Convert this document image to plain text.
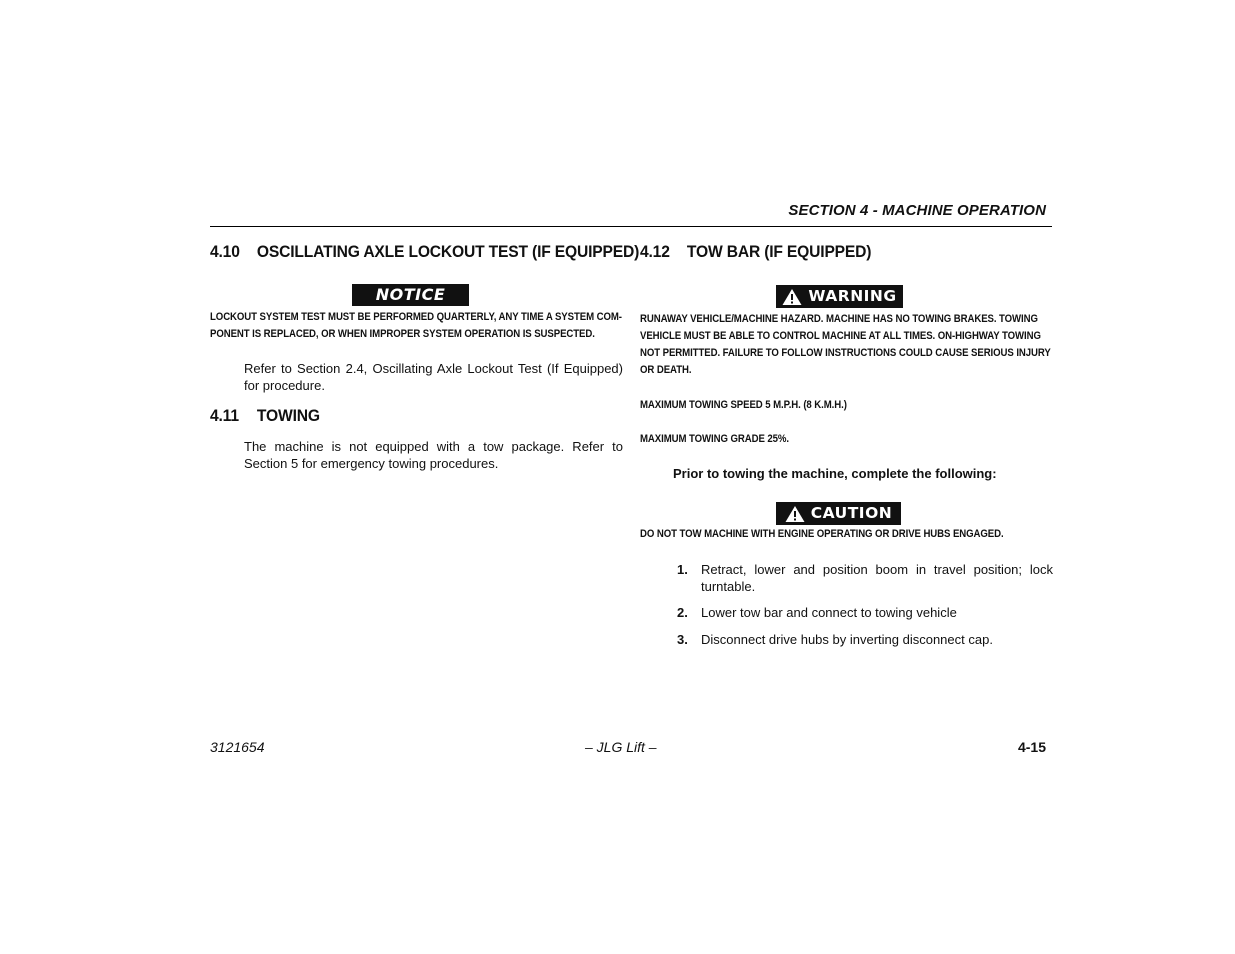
SECTION 4 - MACHINE OPERATION
4.10 OSCILLATING AXLE LOCKOUT TEST (IF EQUIPPED)
NOTICE
LOCKOUT SYSTEM TEST MUST BE PERFORMED QUARTERLY, ANY TIME A SYSTEM COM-
PONENT IS REPLACED, OR WHEN IMPROPER SYSTEM OPERATION IS SUSPECTED.
Refer to Section 2.4, Oscillating Axle Lockout Test (If Equipped) for procedure.
4.11 TOWING
The machine is not equipped with a tow package. Refer to Section 5 for emergency towing procedures.
4.12 TOW BAR (IF EQUIPPED)
WARNING
RUNAWAY VEHICLE/MACHINE HAZARD. MACHINE HAS NO TOWING BRAKES. TOWING
VEHICLE MUST BE ABLE TO CONTROL MACHINE AT ALL TIMES. ON-HIGHWAY TOWING
NOT PERMITTED. FAILURE TO FOLLOW INSTRUCTIONS COULD CAUSE SERIOUS INJURY
OR DEATH.
MAXIMUM TOWING SPEED 5 M.P.H. (8 K.M.H.)
MAXIMUM TOWING GRADE 25%.
Prior to towing the machine, complete the following:
CAUTION
DO NOT TOW MACHINE WITH ENGINE OPERATING OR DRIVE HUBS ENGAGED.
1. Retract, lower and position boom in travel position; lock turntable.
2. Lower tow bar and connect to towing vehicle
3. Disconnect drive hubs by inverting disconnect cap.
3121654	– JLG Lift –	4-15
